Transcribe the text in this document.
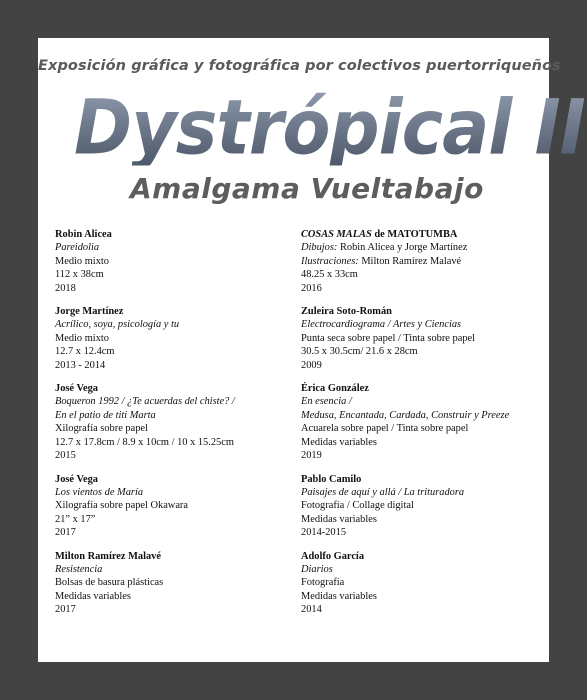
Exposición gráfica y fotográfica por colectivos puertorriqueños
Dystrópical II
Amalgama Vueltabajo
Robin Alicea
Pareidolia
Medio mixto
112 x 38cm
2018
Jorge Martínez
Acrílico, soya, psicología y tu
Medio mixto
12.7 x 12.4cm
2013 - 2014
José Vega
Boqueron 1992 / ¿Te acuerdas del chiste? /
En el patio de titi Marta
Xilografía sobre papel
12.7 x 17.8cm / 8.9 x 10cm / 10 x 15.25cm
2015
José Vega
Los vientos de María
Xilografía sobre papel Okawara
21” x 17”
2017
Milton Ramírez Malavé
Resistencia
Bolsas de basura plásticas
Medidas variables
2017
COSAS MALAS de MATOTUMBA
Dibujos: Robin Alicea y Jorge Martínez
Ilustraciones: Milton Ramírez Malavé
48.25 x 33cm
2016
Zuleira Soto-Román
Electrocardiograma / Artes y Ciencias
Punta seca sobre papel / Tinta sobre papel
30.5 x 30.5cm/ 21.6 x 28cm
2009
Érica González
En esencia /
Medusa, Encantada, Cardada, Construir y Preeze
Acuarela sobre papel / Tinta sobre papel
Medidas variables
2019
Pablo Camilo
Paisajes de aquí y allá / La trituradora
Fotografía / Collage digital
Medidas variables
2014-2015
Adolfo García
Diarios
Fotografía
Medidas variables
2014
